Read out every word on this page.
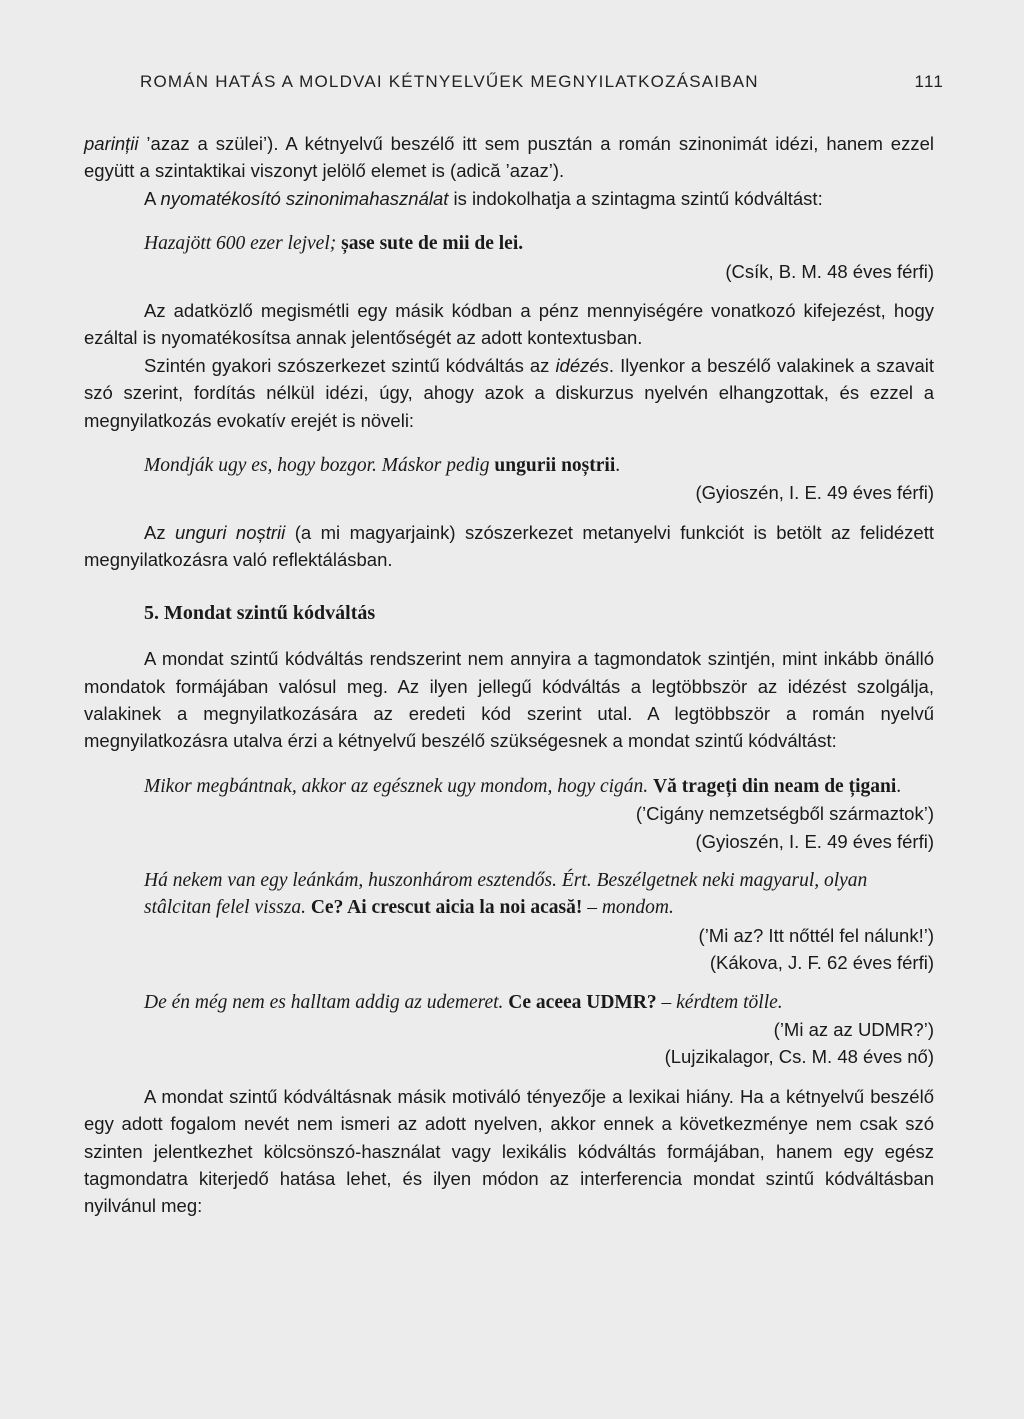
ROMÁN HATÁS A MOLDVAI KÉTNYELVŰEK MEGNYILATKOZÁSAIBAN	111

parinții ’azaz a szülei’). A kétnyelvű beszélő itt sem pusztán a román szinonimát idézi, hanem ezzel együtt a szintaktikai viszonyt jelölő elemet is (adică ’azaz’).

A nyomatékosító szinonimahasználat is indokolhatja a szintagma szintű kódváltást:

Hazajött 600 ezer lejvel; șase sute de mii de lei.

(Csík, B. M. 48 éves férfi)

Az adatközlő megismétli egy másik kódban a pénz mennyiségére vonatkozó kifejezést, hogy ezáltal is nyomatékosítsa annak jelentőségét az adott kontextusban.

Szintén gyakori szószerkezet szintű kódváltás az idézés. Ilyenkor a beszélő valakinek a szavait szó szerint, fordítás nélkül idézi, úgy, ahogy azok a diskurzus nyelvén elhangzottak, és ezzel a megnyilatkozás evokatív erejét is növeli:

Mondják ugy es, hogy bozgor. Máskor pedig ungurii noștrii.

(Gyioszén, I. E. 49 éves férfi)

Az unguri noștrii (a mi magyarjaink) szószerkezet metanyelvi funkciót is betölt az felidézett megnyilatkozásra való reflektálásban.

5. Mondat szintű kódváltás

A mondat szintű kódváltás rendszerint nem annyira a tagmondatok szintjén, mint inkább önálló mondatok formájában valósul meg. Az ilyen jellegű kódváltás a legtöbbször az idézést szolgálja, valakinek a megnyilatkozására az eredeti kód szerint utal. A legtöbbször a román nyelvű megnyilatkozásra utalva érzi a kétnyelvű beszélő szükségesnek a mondat szintű kódváltást:

Mikor megbántnak, akkor az egésznek ugy mondom, hogy cigán. Vă trageți din neam de țigani.

(’Cigány nemzetségből származtok’)

(Gyioszén, I. E. 49 éves férfi)

Há nekem van egy leánkám, huszonhárom esztendős. Ért. Beszélgetnek neki magyarul, olyan stâlcitan felel vissza. Ce? Ai crescut aicia la noi acasă! – mondom.

(’Mi az? Itt nőttél fel nálunk!’)

(Kákova, J. F. 62 éves férfi)

De én még nem es halltam addig az udemeret. Ce aceea UDMR? – kérdtem tölle.

(’Mi az az UDMR?’)

(Lujzikalagor, Cs. M. 48 éves nő)

A mondat szintű kódváltásnak másik motiváló tényezője a lexikai hiány. Ha a kétnyelvű beszélő egy adott fogalom nevét nem ismeri az adott nyelven, akkor ennek a következménye nem csak szó szinten jelentkezhet kölcsönszó-használat vagy lexikális kódváltás formájában, hanem egy egész tagmondatra kiterjedő hatása lehet, és ilyen módon az interferencia mondat szintű kódváltásban nyilvánul meg:
